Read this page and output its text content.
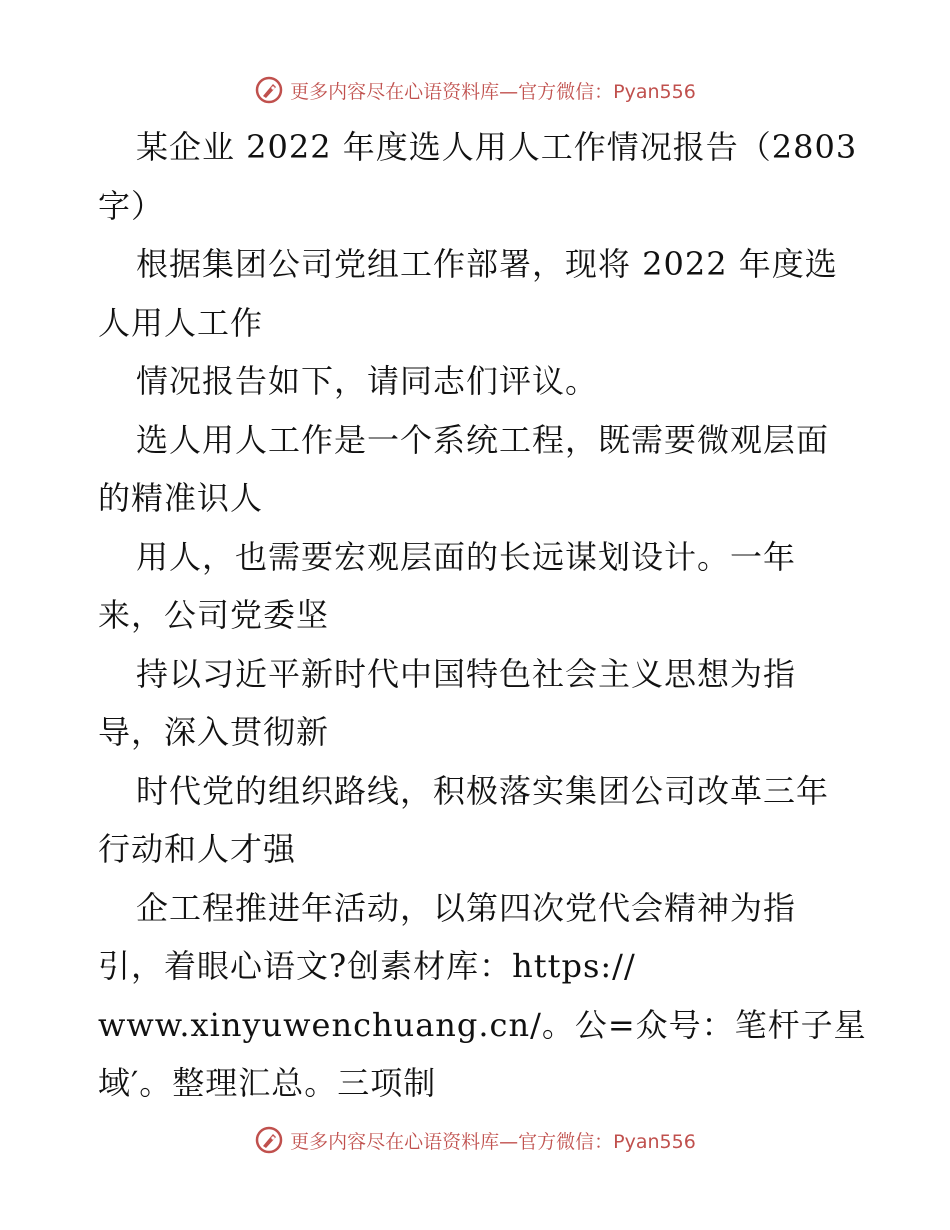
更多内容尽在心语资料库—官方微信：Pyan556
某企业 2022 年度选人用人工作情况报告（2803
字）
根据集团公司党组工作部署，现将 2022 年度选
人用人工作
情况报告如下，请同志们评议。
选人用人工作是一个系统工程，既需要微观层面
的精准识人
用人，也需要宏观层面的长远谋划设计。一年
来，公司党委坚
持以习近平新时代中国特色社会主义思想为指
导，深入贯彻新
时代党的组织路线，积极落实集团公司改革三年
行动和人才强
企工程推进年活动，以第四次党代会精神为指
引，着眼心语文?创素材库：https://
www.xinyuwenchuang.cn/。公=众号：笔杆子星
域′。整理汇总。三项制
更多内容尽在心语资料库—官方微信：Pyan556
